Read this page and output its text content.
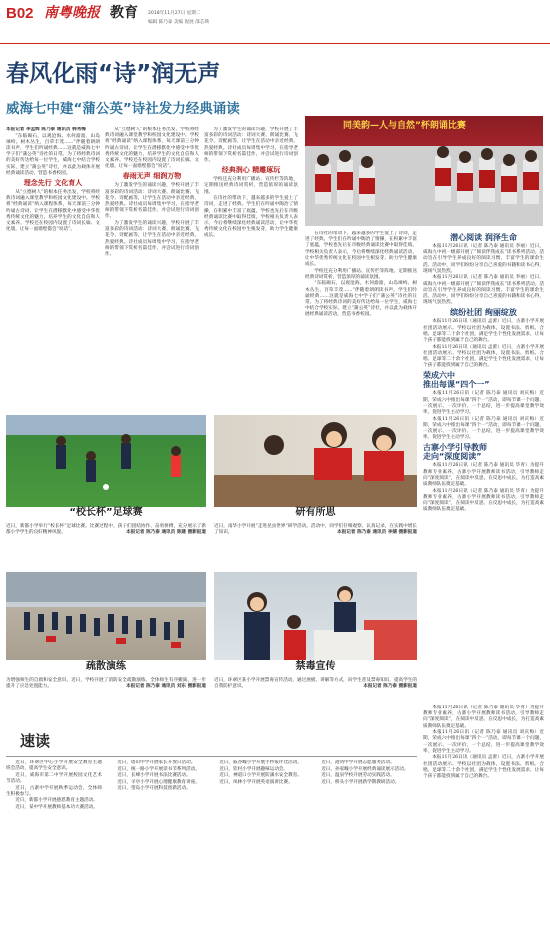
B02 南粤晚报 教育 2018年11月27日 星期二
编辑 陈乃泰 美编 倪展 邵芯瑛
春风化雨“诗”润无声
威海七中建“蒲公英”诗社发力经典诵读

本报记者 李孟辉 陈乃泰 通讯员 韩秀梅

“东临碣石，以观沧海。水何澹澹，山岛竦峙。树木丛生，百草丰茂……”伴随着朗朗读书声，学生们吟诵经典……这就是威海七中学子们“蒲公英”诗社的日常。为了将经典诗词的美好传达给每一位学生，威海七中结合学校实际，建立“蒲公英”诗社，并以此为载体开展经典诵读活动，营造书香校园。

理念先行 文化育人

从“立德树人”的根本任务出发，学校将经典诗词融入课堂教学和校园文化建设中。学校将“经典诵读”纳入课程体系，每天课前三分钟吟诵古诗词，让学生在潜移默化中感受中华优秀传统文化的魅力，培养学生的文化自信和人文素养。学校还在校园内设置了诗词长廊、文化墙，让每一面墙壁都会“说话”。

从“立德树人”的根本任务出发，学校将经典诗词融入课堂教学和校园文化建设中。学校将“经典诵读”纳入课程体系，每天课前三分钟吟诵古诗词，让学生在潜移默化中感受中华优秀传统文化的魅力，培养学生的文化自信和人文素养。学校还在校园内设置了诗词长廊、文化墙，让每一面墙壁都会“说话”。

春雨无声 细润万物

为了激发学生的诵读兴趣，学校开展了丰富多彩的诗词活动：诗词大赛、朗诵比赛、飞花令、诗配画等，让学生在活动中亲近经典、热爱经典。诗社成员每周集中学习，在指导老师的带领下赏析名篇佳作，并尝试进行诗词创作。

为了激发学生的诵读兴趣，学校开展了丰富多彩的诗词活动：诗词大赛、朗诵比赛、飞花令、诗配画等，让学生在活动中亲近经典、热爱经典。诗社成员每周集中学习，在指导老师的带领下赏析名篇佳作，并尝试进行诗词创作。

为了激发学生的诵读兴趣，学校开展了丰富多彩的诗词活动：诗词大赛、朗诵比赛、飞花令、诗配画等，让学生在活动中亲近经典、热爱经典。诗社成员每周集中学习，在指导老师的带领下赏析名篇佳作，并尝试进行诗词创作。

经典润心 精雕琢玩

学校还充分利用广播站、宣传栏等阵地，定期推送经典诗词赏析，营造浓厚的诵读氛围。

在诗社的带动下，越来越多的学生爱上了诗词，走进了经典。学生们在吟诵中陶冶了情操，在积累中丰富了底蕴，学校也先后在市级经典诵读比赛中取得佳绩。学校相关负责人表示，今后将继续深化经典诵读活动，让中华优秀传统文化在校园中生根发芽，助力学生健康成长。

同美韵—人与自然”杯朗诵比赛

在诗社的带动下，越来越多的学生爱上了诗词，走进了经典。学生们在吟诵中陶冶了情操，在积累中丰富了底蕴，学校也先后在市级经典诵读比赛中取得佳绩。学校相关负责人表示，今后将继续深化经典诵读活动，让中华优秀传统文化在校园中生根发芽，助力学生健康成长。

学校还充分利用广播站、宣传栏等阵地，定期推送经典诗词赏析，营造浓厚的诵读氛围。

“东临碣石，以观沧海。水何澹澹，山岛竦峙。树木丛生，百草丰茂……”伴随着朗朗读书声，学生们吟诵经典……这就是威海七中学子们“蒲公英”诗社的日常。为了将经典诗词的美好传达给每一位学生，威海七中结合学校实际，建立“蒲公英”诗社，并以此为载体开展经典诵读活动，营造书香校园。

潜心阅读 润泽生命

本报11月26日讯（记者 陈乃泰 通讯员 李丽）近日，威海九中初一级部开展了“阅读伴我成长”读书系列活动。活动旨在引导学生养成良好的阅读习惯，丰富学生的课余生活。活动中，同学们纷纷分享自己喜爱的书籍和读书心得，现场气氛热烈。

本报11月26日讯（记者 陈乃泰 通讯员 李丽）近日，威海九中初一级部开展了“阅读伴我成长”读书系列活动。活动旨在引导学生养成良好的阅读习惯，丰富学生的课余生活。活动中，同学们纷纷分享自己喜爱的书籍和读书心得，现场气氛热烈。

缤纷社团 绚丽绽放

本报11月26日讯（通讯员 孟蕾）近日，古寨小学开展社团活动展示。学校以社团为载体，设置书法、剪纸、合唱、足球等二十余个社团，满足学生个性化发展需求，让每个孩子都能找到属于自己的舞台。

本报11月26日讯（通讯员 孟蕾）近日，古寨小学开展社团活动展示。学校以社团为载体，设置书法、剪纸、合唱、足球等二十余个社团，满足学生个性化发展需求，让每个孩子都能找到属于自己的舞台。

荣成六中
推出每课“四个一”

本报11月26日讯（记者 陈乃泰 通讯员 刘庆梅）近期，荣成六中推出每课“四个一”活动，即每节课一个问题、一次展示、一次评价、一个总结，进一步提高课堂教学效率，促进学生主动学习。

本报11月26日讯（记者 陈乃泰 通讯员 刘庆梅）近期，荣成六中推出每课“四个一”活动，即每节课一个问题、一次展示、一次评价、一个总结，进一步提高课堂教学效率，促进学生主动学习。

古寨小学引导教师
走向“深度阅读”

本报11月26日讯（记者 陈乃泰 通讯员 毕青）为提升教师专业素养，古寨小学开展教师读书活动，引导教师走向“深度阅读”，在阅读中反思，在反思中成长，为打造高素质教师队伍奠定基础。

本报11月26日讯（记者 陈乃泰 通讯员 毕青）为提升教师专业素养，古寨小学开展教师读书活动，引导教师走向“深度阅读”，在阅读中反思，在反思中成长，为打造高素质教师队伍奠定基础。

“校长杯”足球赛
近日，新都小学举行“校长杯”足球比赛。比赛过程中，孩子们团结协作、奋勇拼搏，充分展示了新都小学学生的良好精神风貌。	本报记者 陈乃泰 通讯员 陈建 摄影报道
研有所思
近日，南华小学开展“走进昆虫世界”研学活动。活动中，同学们仔细观察、认真记录，在实践中增长了知识。	本报记者 陈乃泰 通讯员 李婧 摄影报道
疏散演练
为增强师生的自救和安全意识，近日，学校开展了消防安全疏散演练，全体师生有序撤离，进一步提升了应急处置能力。	本报记者 陈乃泰 通讯员 刘东 摄影报道
禁毒宣传
近日，环翠区某小学开展禁毒宣传活动，通过展板、讲解等方式，向学生普及禁毒知识，提高学生的自我防护意识。	本报记者 陈乃泰 摄影报道
速读

近日，环翠区中心小学开展安全教育主题班会活动，提高学生安全意识。

近日，威海市第二中学开展校园文化艺术节活动。

近日，古寨中学开展秋季运动会，全体师生积极参与。

近日，新都小学开展感恩教育主题活动。

近日，某中学开展教师基本功大赛活动。

近日，塔山中学开展家长开放日活动。

近日，统一路小学开展读书节系列活动。

近日，长峰小学开展书法比赛活动。

近日，羊亭小学开展心理健康教育讲座。

近日，望岛小学开展科技创新活动。

近日，戚谷疃小学开展手抄报评比活动。

近日，钦村小学开展趣味运动会。

近日，神道口小学开展防溺水安全教育。

近日，凤林小学开展英语演讲比赛。

近日，港湾中学开展志愿服务活动。

近日，孙家疃小学开展经典诵读展示活动。

近日，温泉学校开展劳动实践活动。

近日，桥头小学开展新学期教研活动。

本报11月26日讯（记者 陈乃泰 通讯员 毕青）为提升教师专业素养，古寨小学开展教师读书活动，引导教师走向“深度阅读”，在阅读中反思，在反思中成长，为打造高素质教师队伍奠定基础。

本报11月26日讯（记者 陈乃泰 通讯员 刘庆梅）近期，荣成六中推出每课“四个一”活动，即每节课一个问题、一次展示、一次评价、一个总结，进一步提高课堂教学效率，促进学生主动学习。

本报11月26日讯（通讯员 孟蕾）近日，古寨小学开展社团活动展示。学校以社团为载体，设置书法、剪纸、合唱、足球等二十余个社团，满足学生个性化发展需求，让每个孩子都能找到属于自己的舞台。
